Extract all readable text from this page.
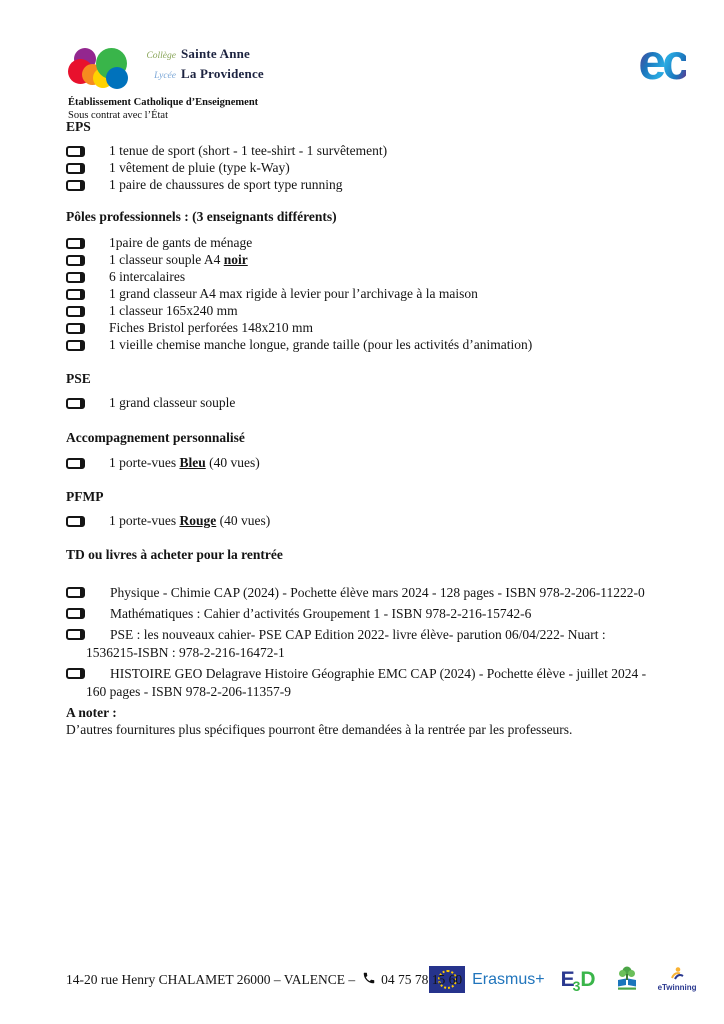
Collège Sainte Anne
Lycée La Providence
Établissement Catholique d’Enseignement
Sous contrat avec l’État
ec
EPS
1 tenue de sport (short - 1 tee-shirt - 1 survêtement)
1 vêtement de pluie (type k-Way)
1 paire de chaussures de sport type running
Pôles professionnels : (3 enseignants différents)
1paire de gants de ménage
1 classeur souple A4 noir
6 intercalaires
1 grand classeur A4 max rigide à levier pour l’archivage à la maison
1 classeur 165x240 mm
Fiches Bristol perforées 148x210 mm
1 vieille chemise manche longue, grande taille (pour les activités d’animation)
PSE
1 grand classeur souple
Accompagnement personnalisé
1 porte-vues Bleu (40 vues)
PFMP
1 porte-vues Rouge (40 vues)
TD ou livres à acheter pour la rentrée
Physique - Chimie CAP (2024) - Pochette élève mars 2024 - 128 pages - ISBN 978-2-206-11222-0
Mathématiques : Cahier d’activités Groupement 1 - ISBN 978-2-216-15742-6
PSE : les nouveaux cahier- PSE CAP Edition 2022- livre élève- parution 06/04/222- Nuart : 1536215-ISBN : 978-2-216-16472-1
HISTOIRE GEO Delagrave Histoire Géographie EMC CAP (2024) - Pochette élève - juillet 2024 - 160 pages - ISBN 978-2-206-11357-9
A noter :
D’autres fournitures plus spécifiques pourront être demandées à la rentrée par les professeurs.
14-20 rue Henry CHALAMET 26000 – VALENCE – 04 75 78 15 60 Erasmus+ E
3 D	eTwinning
